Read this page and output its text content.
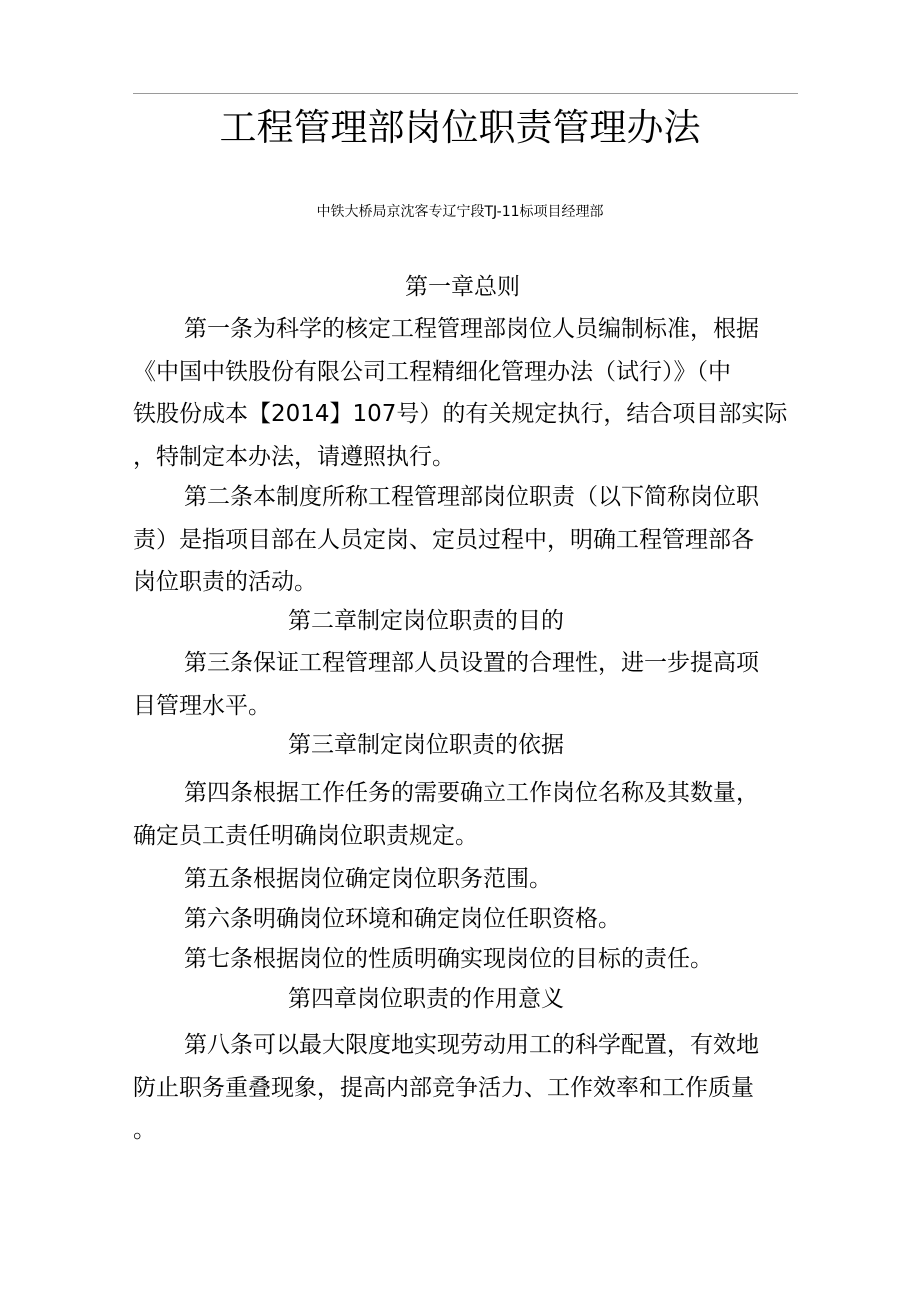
工程管理部岗位职责管理办法
中铁大桥局京沈客专辽宁段TJ-11标项目经理部
第一章总则
第一条为科学的核定工程管理部岗位人员编制标准，根据
《中国中铁股份有限公司工程精细化管理办法（试行）》（中
铁股份成本【2014】107号）的有关规定执行，结合项目部实际
，特制定本办法，请遵照执行。
第二条本制度所称工程管理部岗位职责（以下简称岗位职
责）是指项目部在人员定岗、定员过程中，明确工程管理部各
岗位职责的活动。
第二章制定岗位职责的目的
第三条保证工程管理部人员设置的合理性，进一步提高项
目管理水平。
第三章制定岗位职责的依据
第四条根据工作任务的需要确立工作岗位名称及其数量，
确定员工责任明确岗位职责规定。
第五条根据岗位确定岗位职务范围。
第六条明确岗位环境和确定岗位任职资格。
第七条根据岗位的性质明确实现岗位的目标的责任。
第四章岗位职责的作用意义
第八条可以最大限度地实现劳动用工的科学配置，有效地
防止职务重叠现象，提高内部竞争活力、工作效率和工作质量
。
